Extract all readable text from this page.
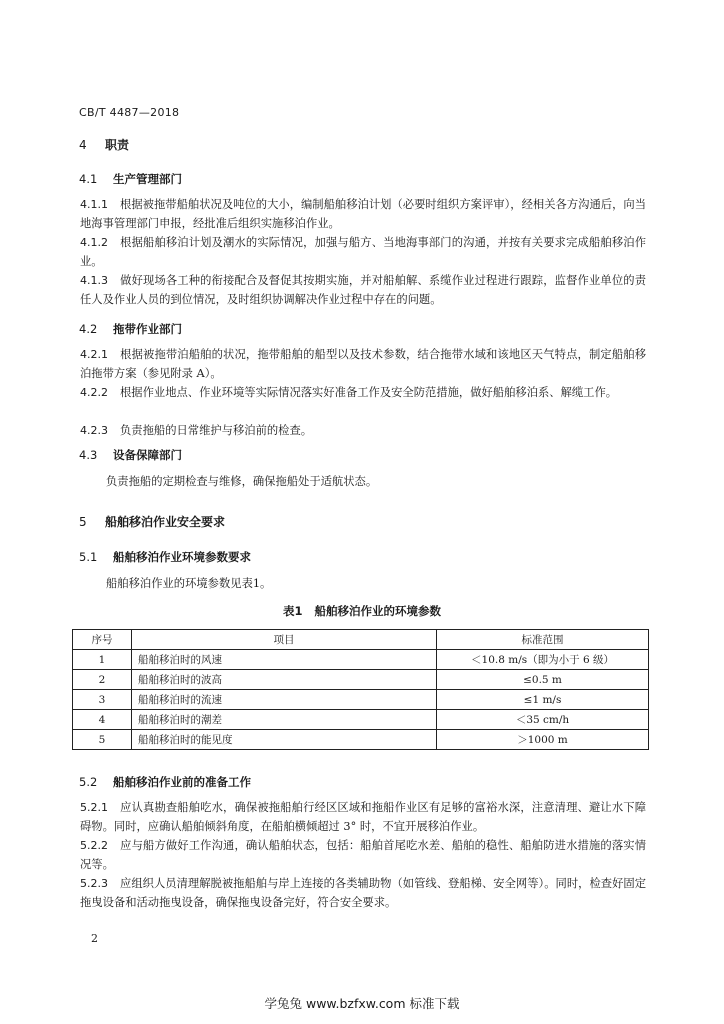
CB/T 4487—2018
4 职责
4.1 生产管理部门
4.1.1 根据被拖带船舶状况及吨位的大小，编制船舶移泊计划（必要时组织方案评审），经相关各方沟通后，向当地海事管理部门申报，经批准后组织实施移泊作业。
4.1.2 根据船舶移泊计划及潮水的实际情况，加强与船方、当地海事部门的沟通，并按有关要求完成船舶移泊作业。
4.1.3 做好现场各工种的衔接配合及督促其按期实施，并对船舶解、系缆作业过程进行跟踪，监督作业单位的责任人及作业人员的到位情况，及时组织协调解决作业过程中存在的问题。
4.2 拖带作业部门
4.2.1 根据被拖带泊船舶的状况，拖带船舶的船型以及技术参数，结合拖带水域和该地区天气特点，制定船舶移泊拖带方案（参见附录 A）。
4.2.2 根据作业地点、作业环境等实际情况落实好准备工作及安全防范措施，做好船舶移泊系、解缆工作。
4.2.3 负责拖船的日常维护与移泊前的检查。
4.3 设备保障部门
负责拖船的定期检查与维修，确保拖船处于适航状态。
5 船舶移泊作业安全要求
5.1 船舶移泊作业环境参数要求
船舶移泊作业的环境参数见表1。
表1 船舶移泊作业的环境参数
序号	项目	标准范围
1	船舶移泊时的风速	＜10.8 m/s（即为小于 6 级）
2	船舶移泊时的波高	≤0.5 m
3	船舶移泊时的流速	≤1 m/s
4	船舶移泊时的潮差	＜35 cm/h
5	船舶移泊时的能见度	＞1000 m
5.2 船舶移泊作业前的准备工作
5.2.1 应认真勘查船舶吃水，确保被拖船舶行经区区域和拖船作业区有足够的富裕水深，注意清理、避让水下障碍物。同时，应确认船舶倾斜角度，在船舶横倾超过 3° 时，不宜开展移泊作业。
5.2.2 应与船方做好工作沟通，确认船舶状态，包括：船舶首尾吃水差、船舶的稳性、船舶防进水措施的落实情况等。
5.2.3 应组织人员清理解脱被拖船舶与岸上连接的各类辅助物（如管线、登船梯、安全网等）。同时，检查好固定拖曳设备和活动拖曳设备，确保拖曳设备完好，符合安全要求。
2
学兔兔 www.bzfxw.com 标准下载
